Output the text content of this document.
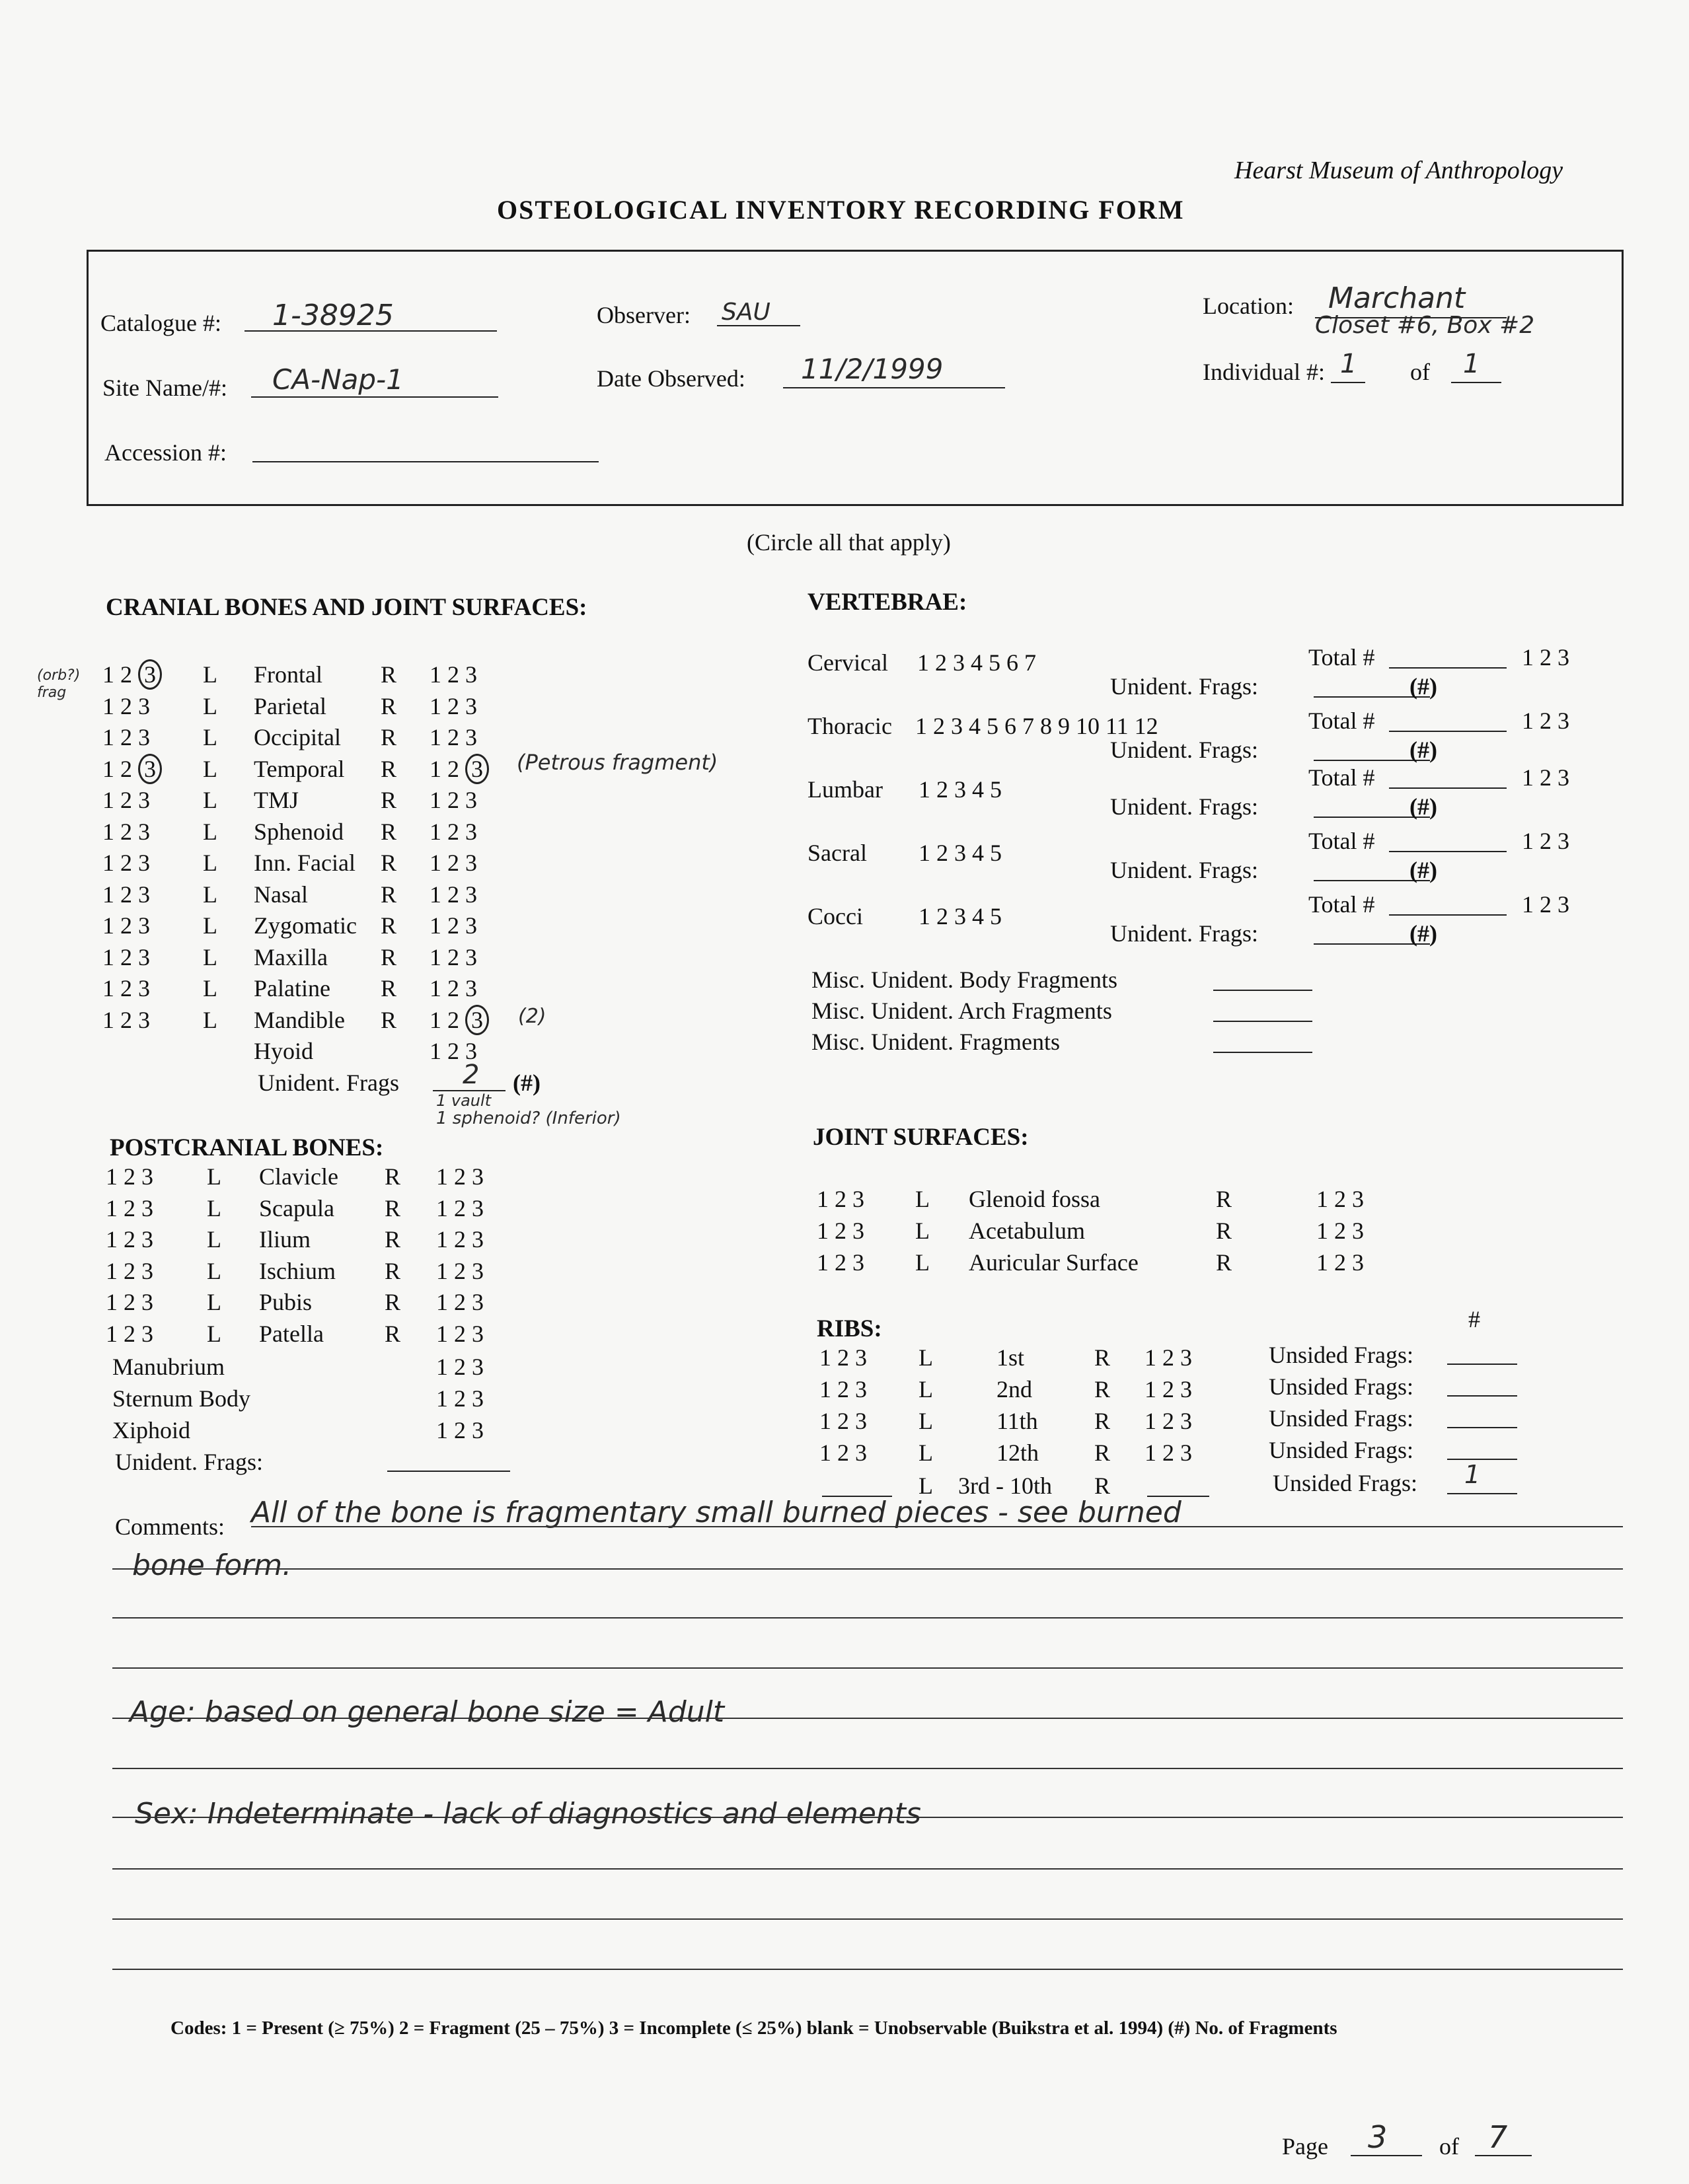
Hearst Museum of Anthropology
OSTEOLOGICAL INVENTORY RECORDING FORM
Catalogue #: 1-38925	Observer: SAU	Location: Marchant
Closet #6, Box #2
Site Name/#: CA-Nap-1	Date Observed: 11/2/1999	Individual #: 1 of 1
Accession #:
(Circle all that apply)
CRANIAL BONES AND JOINT SURFACES:
(orb?) frag
1 2 3 L Frontal R 1 2 3
1 2 3 L Parietal R 1 2 3
1 2 3 L Occipital R 1 2 3
1 2 3 L Temporal R 1 2 3 (Petrous fragment)
1 2 3 L TMJ	R 1 2 3
1 2 3 L Sphenoid R 1 2 3
1 2 3 L Inn. Facial R 1 2 3
1 2 3 L Nasal	R 1 2 3
1 2 3 L Zygomatic R 1 2 3
1 2 3 L Maxilla R 1 2 3
1 2 3 L Palatine R 1 2 3
1 2 3 L Mandible R 1 2 3	(2)
Hyoid	1 2 3
Unident. Frags 2 (#)
1 vault
1 sphenoid? (Inferior)
POSTCRANIAL BONES:
1 2 3 L Clavicle R 1 2 3
1 2 3 L Scapula R 1 2 3
1 2 3 L Ilium	R 1 2 3
1 2 3 L Ischium R 1 2 3
1 2 3 L Pubis	R 1 2 3
1 2 3 L Patella	R 1 2 3
Manubrium	1 2 3
Sternum Body	1 2 3
Xiphoid	1 2 3
Unident. Frags:
VERTEBRAE:
Cervical 1 2 3 4 5 6 7	Total #	1 2 3
Unident. Frags:	(#)
Thoracic 1 2 3 4 5 6 7 8 9 10 11 12	Total #	1 2 3
Unident. Frags:	(#)
Lumbar 1 2 3 4 5	Total #	1 2 3
Unident. Frags:	(#)
Sacral 1 2 3 4 5	Total #	1 2 3
Unident. Frags:	(#)
Cocci 1 2 3 4 5	Total #	1 2 3
Unident. Frags:	(#)
Misc. Unident. Body Fragments
Misc. Unident. Arch Fragments
Misc. Unident. Fragments
JOINT SURFACES:
1 2 3 L Glenoid fossa	R	1 2 3
1 2 3 L Acetabulum	R	1 2 3
1 2 3 L Auricular Surface	R	1 2 3
RIBS:	#
1 2 3 L	1st	R 1 2 3	Unsided Frags:
1 2 3 L	2nd	R 1 2 3	Unsided Frags:
1 2 3 L	11th R 1 2 3	Unsided Frags:
1 2 3 L	12th R 1 2 3	Unsided Frags:
L 3rd - 10th R	Unsided Frags: 1
Comments: All of the bone is fragmentary small burned pieces - see burned
bone form.
Age: based on general bone size = Adult
Sex: Indeterminate - lack of diagnostics and elements
Codes: 1 = Present (≥ 75%) 2 = Fragment (25 – 75%) 3 = Incomplete (≤ 25%) blank = Unobservable (Buikstra et al. 1994) (#) No. of Fragments
Page 3 of 7
